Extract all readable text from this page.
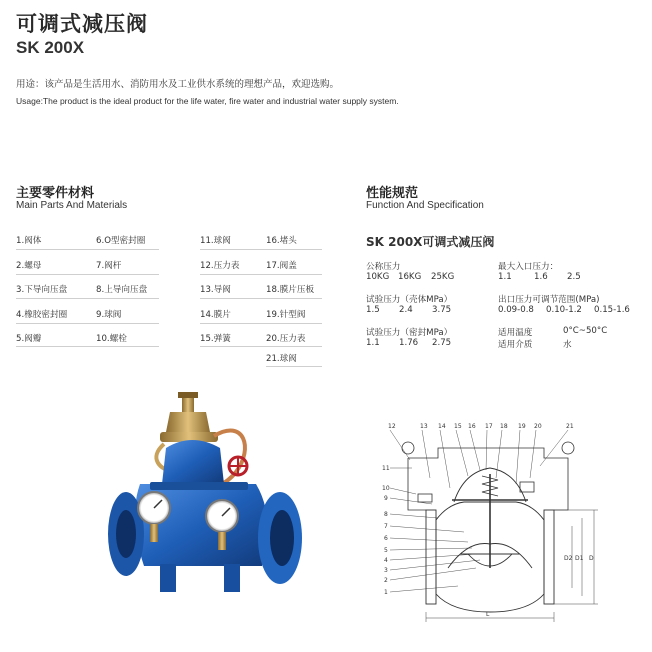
可调式减压阀
SK 200X
用途：该产品是生活用水、消防用水及工业供水系统的理想产品，欢迎选购。
Usage:The product is the ideal product for the life water, fire water and industrial water supply system.
主要零件材料
Main Parts And Materials
1.阀体
2.螺母
3.下导向压盘
4.橡胶密封圈
5.阀瓣
6.O型密封圈
7.阀杆
8.上导向压盘
9.球阀
10.螺栓
11.球阀
12.压力表
13.导阀
14.膜片
15.弹簧
16.堵头
17.阀盖
18.膜片压板
19.针型阀
20.压力表
21.球阀
性能规范
Function And Specification
SK 200X可调式减压阀
公称压力
10KG 16KG 25KG
最大入口压力：
1.1	1.6 2.5
试验压力（壳体MPa）
1.5 2.4 3.75
出口压力可调节范围(MPa)
0.09-0.8 0.10-1.2 0.15-1.6
试验压力（密封MPa）
1.1 1.76 2.75
适用温度	0°C~50°C
适用介质	水
12	13 14 15 16 17 18 19 20	21
11
10
9
8
7
6
5
4
3
2
1
L
D2 D1 D
